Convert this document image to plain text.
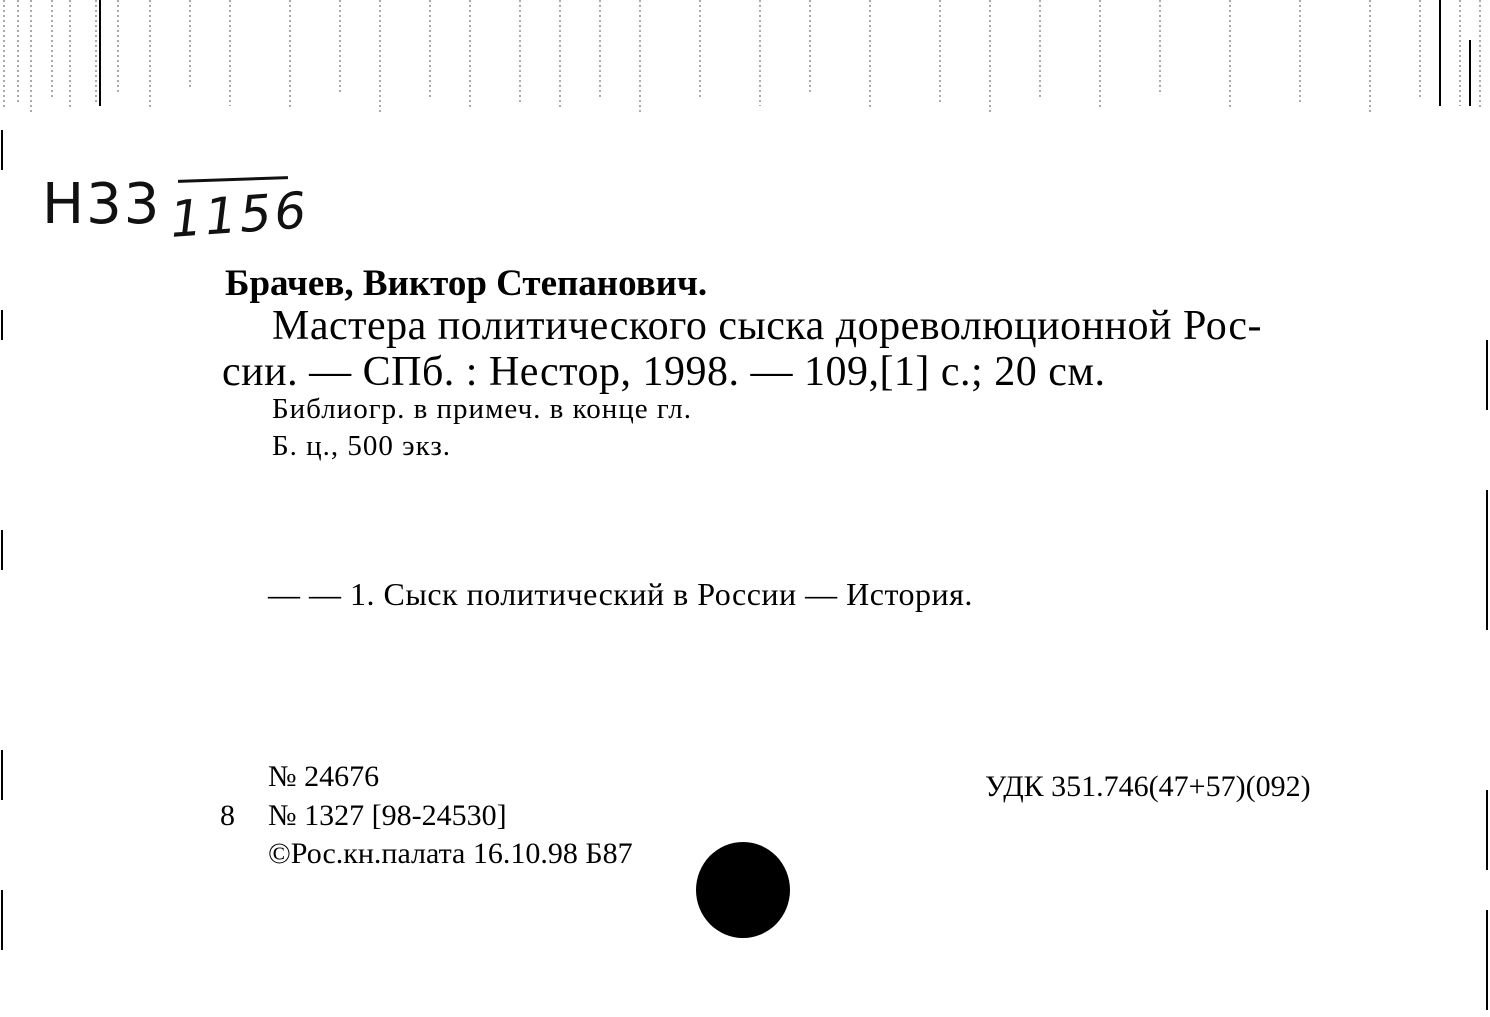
Н33 1156
Брачев, Виктор Степанович.
Мастера политического сыска дореволюционной Рос-
сии. — СПб. : Нестор, 1998. — 109,[1] с.; 20 см.
Библиогр. в примеч. в конце гл.
Б. ц., 500 экз.
— — 1. Сыск политический в России — История.
№ 24676
8 № 1327 [98-24530]
©Рос.кн.палата 16.10.98 Б87
УДК 351.746(47+57)(092)
